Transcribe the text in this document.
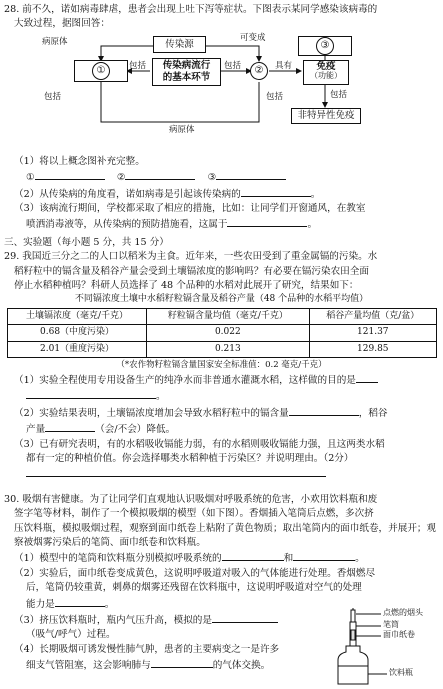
28. 前不久，诺如病毒肆虐，患者会出现上吐下泻等症状。下图表示某同学感染该病毒的
大致过程，据图回答：
传染源
传染病流行
的基本环节
①	②
③
免疫
（功能）
非特异性免疫
病原体	可变成
包括	包括	具有
包括	包括	包括
病原体
（1）将以上概念图补充完整。
①	②	③
（2）从传染病的角度看，诺如病毒是引起该传染病的	。
（3）该病流行期间，学校都采取了相应的措施，比如：让同学们开窗通风，在教室
喷洒消毒液等，从传染病的预防措施看，这属于	。
三、实验题（每小题 5 分，共 15 分）
29. 我国近三分之二的人口以稻米为主食。近年来，一些农田受到了重金属镉的污染。水
稻籽粒中的镉含量及稻谷产量会受到土壤镉浓度的影响吗？有必要在镉污染农田全面
停止水稻种植吗？科研人员选择了 48 个品种的水稻对此展开了研究，结果如下：
不同镉浓度土壤中水稻籽粒镉含量及稻谷产量（48 个品种的水稻平均值）
土壤镉浓度（毫克/千克）	籽粒镉含量均值（毫克/千克）	稻谷产量均值（克/盆）
0.68（中度污染）	0.022	121.37
2.01（重度污染）	0.213	129.85
（*农作物籽粒镉含量国家安全标准值：0.2 毫克/千克）
（1）实验全程使用专用设备生产的纯净水而非普通水灌溉水稻，这样做的目的是
。
（2）实验结果表明，土壤镉浓度增加会导致水稻籽粒中的镉含量	，稻谷
产量	（会/不会）降低。
（3）已有研究表明，有的水稻吸收镉能力弱，有的水稻则吸收镉能力强，且这两类水稻
都有一定的种植价值。你会选择哪类水稻种植于污染区？并说明理由。（2分）
30. 吸烟有害健康。为了让同学们直观地认识吸烟对呼吸系统的危害，小欢用饮料瓶和废
签字笔等材料，制作了一个模拟吸烟的模型（如下图）。香烟插入笔筒后点燃，多次挤
压饮料瓶，模拟吸烟过程，观察到面巾纸卷上粘附了黄色物质；取出笔筒内的面巾纸卷，并展开；观
察被烟雾污染后的笔筒、面巾纸卷和饮料瓶。
（1）模型中的笔筒和饮料瓶分别模拟呼吸系统的	和	。
（2）实验后，面巾纸卷变成黄色，这说明呼吸道对吸入的气体能进行处理。香烟燃尽
后，笔筒仍较重黄，刺鼻的烟雾还残留在饮料瓶中，这说明呼吸道对空气的处理
能力是	。
（3）挤压饮料瓶时，瓶内气压升高，模拟的是
（吸气/呼气）过程。
（4）长期吸烟可诱发慢性肺气肿，患者的主要病变之一是许多
细支气管阻塞，这会影响肺与	的气体交换。
点燃的烟头
笔筒
面巾纸卷
饮料瓶
